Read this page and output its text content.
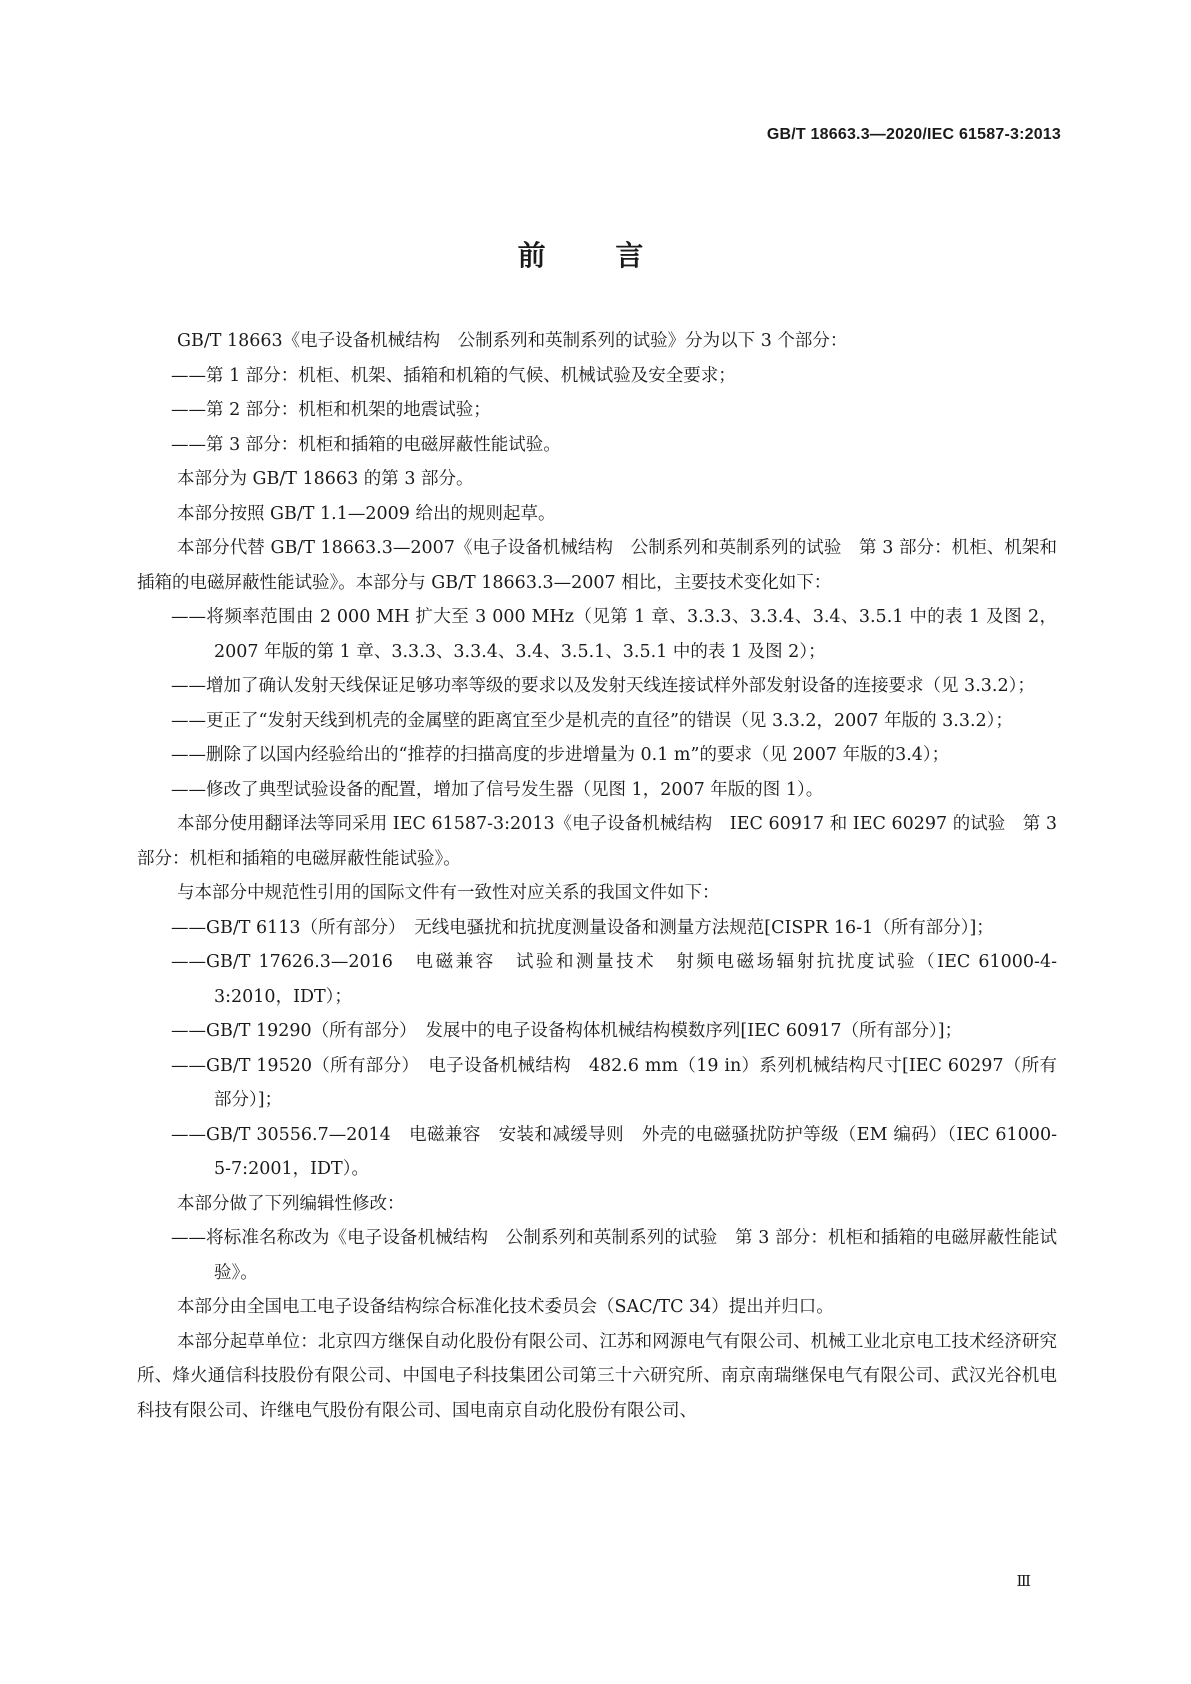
GB/T 18663.3—2020/IEC 61587-3:2013
前 言

GB/T 18663《电子设备机械结构　公制系列和英制系列的试验》分为以下 3 个部分：

——第 1 部分：机柜、机架、插箱和机箱的气候、机械试验及安全要求；

——第 2 部分：机柜和机架的地震试验；

——第 3 部分：机柜和插箱的电磁屏蔽性能试验。

本部分为 GB/T 18663 的第 3 部分。

本部分按照 GB/T 1.1—2009 给出的规则起草。

本部分代替 GB/T 18663.3—2007《电子设备机械结构　公制系列和英制系列的试验　第 3 部分：机柜、机架和插箱的电磁屏蔽性能试验》。本部分与 GB/T 18663.3—2007 相比，主要技术变化如下：

——将频率范围由 2 000 MH 扩大至 3 000 MHz（见第 1 章、3.3.3、3.3.4、3.4、3.5.1 中的表 1 及图 2，2007 年版的第 1 章、3.3.3、3.3.4、3.4、3.5.1、3.5.1 中的表 1 及图 2）；

——增加了确认发射天线保证足够功率等级的要求以及发射天线连接试样外部发射设备的连接要求（见 3.3.2）；

——更正了“发射天线到机壳的金属壁的距离宜至少是机壳的直径”的错误（见 3.3.2，2007 年版的 3.3.2）；

——删除了以国内经验给出的“推荐的扫描高度的步进增量为 0.1 m”的要求（见 2007 年版的3.4）；

——修改了典型试验设备的配置，增加了信号发生器（见图 1，2007 年版的图 1）。

本部分使用翻译法等同采用 IEC 61587-3:2013《电子设备机械结构　IEC 60917 和 IEC 60297 的试验　第 3 部分：机柜和插箱的电磁屏蔽性能试验》。

与本部分中规范性引用的国际文件有一致性对应关系的我国文件如下：

——GB/T 6113（所有部分）　无线电骚扰和抗扰度测量设备和测量方法规范[CISPR 16-1（所有部分）]；

——GB/T 17626.3—2016　电磁兼容　试验和测量技术　射频电磁场辐射抗扰度试验（IEC 61000-4-3:2010，IDT）；

——GB/T 19290（所有部分）　发展中的电子设备构体机械结构模数序列[IEC 60917（所有部分）]；

——GB/T 19520（所有部分）　电子设备机械结构　482.6 mm（19 in）系列机械结构尺寸[IEC 60297（所有部分）]；

——GB/T 30556.7—2014　电磁兼容　安装和减缓导则　外壳的电磁骚扰防护等级（EM 编码）（IEC 61000-5-7:2001，IDT）。

本部分做了下列编辑性修改：

——将标准名称改为《电子设备机械结构　公制系列和英制系列的试验　第 3 部分：机柜和插箱的电磁屏蔽性能试验》。

本部分由全国电工电子设备结构综合标准化技术委员会（SAC/TC 34）提出并归口。

本部分起草单位：北京四方继保自动化股份有限公司、江苏和网源电气有限公司、机械工业北京电工技术经济研究所、烽火通信科技股份有限公司、中国电子科技集团公司第三十六研究所、南京南瑞继保电气有限公司、武汉光谷机电科技有限公司、许继电气股份有限公司、国电南京自动化股份有限公司、

Ⅲ
